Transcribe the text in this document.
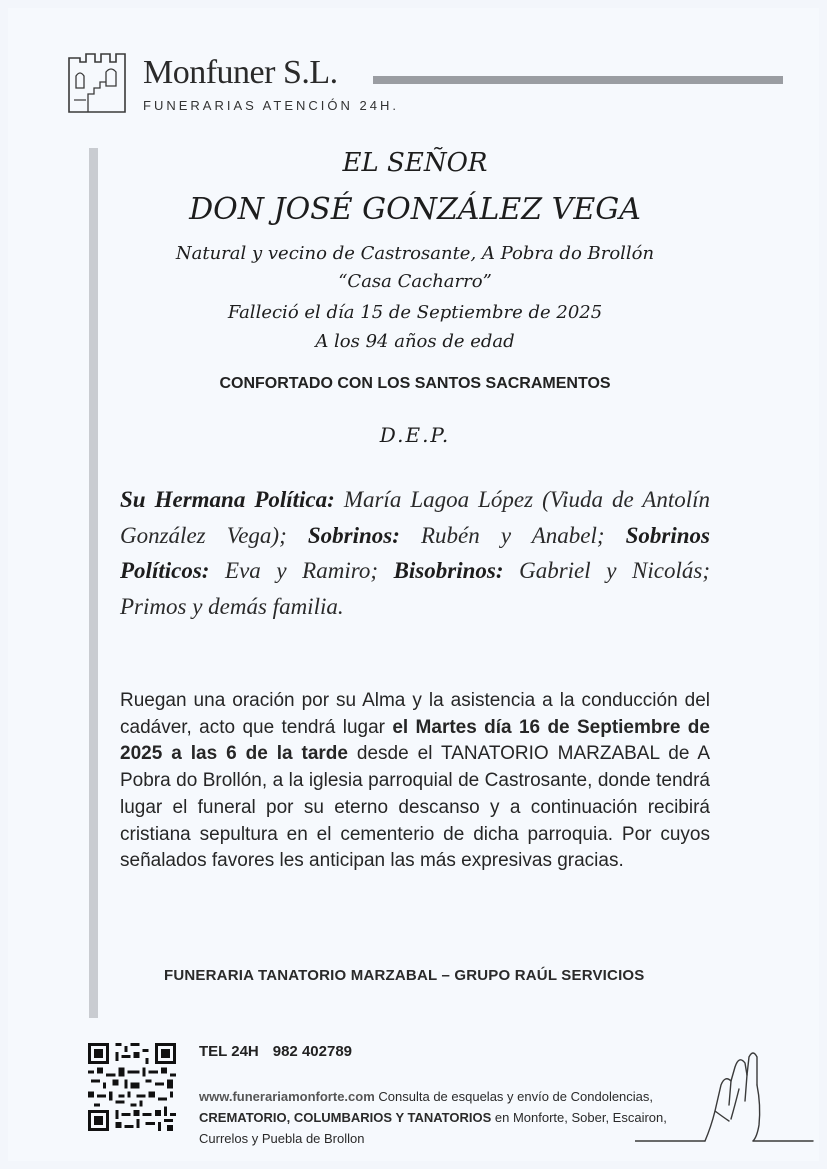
Monfuner S.L.
FUNERARIAS ATENCIÓN 24H.
EL SEÑOR
DON JOSÉ GONZÁLEZ VEGA
Natural y vecino de Castrosante, A Pobra do Brollón
“Casa Cacharro”
Falleció el día 15 de Septiembre de 2025
A los 94 años de edad
CONFORTADO CON LOS SANTOS SACRAMENTOS
D.E.P.
Su Hermana Política: María Lagoa López (Viuda de Antolín González Vega); Sobrinos: Rubén y Anabel; Sobrinos Políticos: Eva y Ramiro; Bisobrinos: Gabriel y Nicolás; Primos y demás familia.
Ruegan una oración por su Alma y la asistencia a la conducción del cadáver, acto que tendrá lugar el Martes día 16 de Septiembre de 2025 a las 6 de la tarde desde el TANATORIO MARZABAL de A Pobra do Brollón, a la iglesia parroquial de Castrosante, donde tendrá lugar el funeral por su eterno descanso y a continuación recibirá cristiana sepultura en el cementerio de dicha parroquia. Por cuyos señalados favores les anticipan las más expresivas gracias.
FUNERARIA TANATORIO MARZABAL – GRUPO RAÚL SERVICIOS
TEL 24H 982 402789
www.funerariamonforte.com Consulta de esquelas y envío de Condolencias, CREMATORIO, COLUMBARIOS Y TANATORIOS en Monforte, Sober, Escairon, Currelos y Puebla de Brollon
